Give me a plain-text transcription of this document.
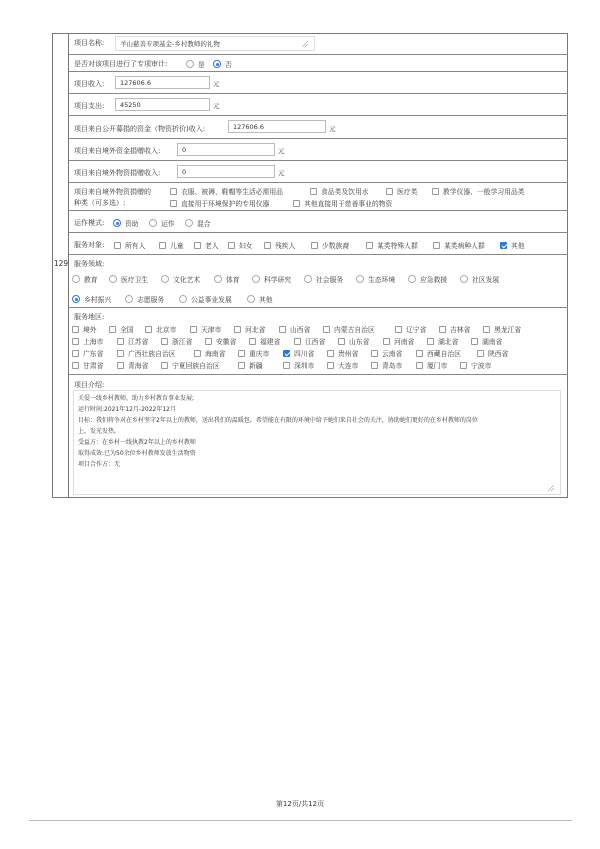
129
项目名称:	羊山慈善专项基金-乡村教师的礼物
是否对该项目进行了专项审计:	是	否
项目收入:	127606.6	元
项目支出:	45250	元
项目来自公开募捐的资金（物资折价)收入:	127606.6	元
项目来自境外资金捐赠收入:	0	元
项目来自境外物资捐赠收入:	0	元
项目来自境外物资捐赠的
种类（可多选）:
衣服、被褥、鞋帽等生活必需用品	食品类及饮用水	医疗类	教学仪器、一般学习用品类
直接用于环境保护的专用仪器	其他直接用于慈善事业的物资
运作模式:	资助	运作	混合
服务对象:	所有人	儿童	老人	妇女	残疾人	少数族裔	某类特殊人群	某类病种人群	其他
服务领域:
教育	医疗卫生	文化艺术	体育	科学研究	社会服务	生态环境	应急救援	社区发展
乡村振兴	志愿服务	公益事业发展	其他
服务地区:
境外	全国	北京市	天津市	河北省	山西省	内蒙古自治区	辽宁省	吉林省	黑龙江省
上海市	江苏省	浙江省	安徽省	福建省	江西省	山东省	河南省	湖北省	湖南省
广东省	广西壮族自治区	海南省	重庆市	四川省	贵州省	云南省	西藏自治区	陕西省
甘肃省	青海省	宁夏回族自治区	新疆	深圳市	大连市	青岛市	厦门市	宁波市
项目介绍:
关爱一线乡村教师，助力乡村教育事业发展;
运行时间:2021年12月-2022年12月
目标：我们将争对在乡村坚守2年以上的教师，送出我们的温暖包。希望能在有限的环境中给予她们来自社会的关注，协助她们更好的在乡村教师的岗位
上，发光发热。
受益方：在乡村一线执教2年以上的乡村教师
取得成效:已为50余位乡村教师发放生活物资
项目合作方：无
第12页/共12页
